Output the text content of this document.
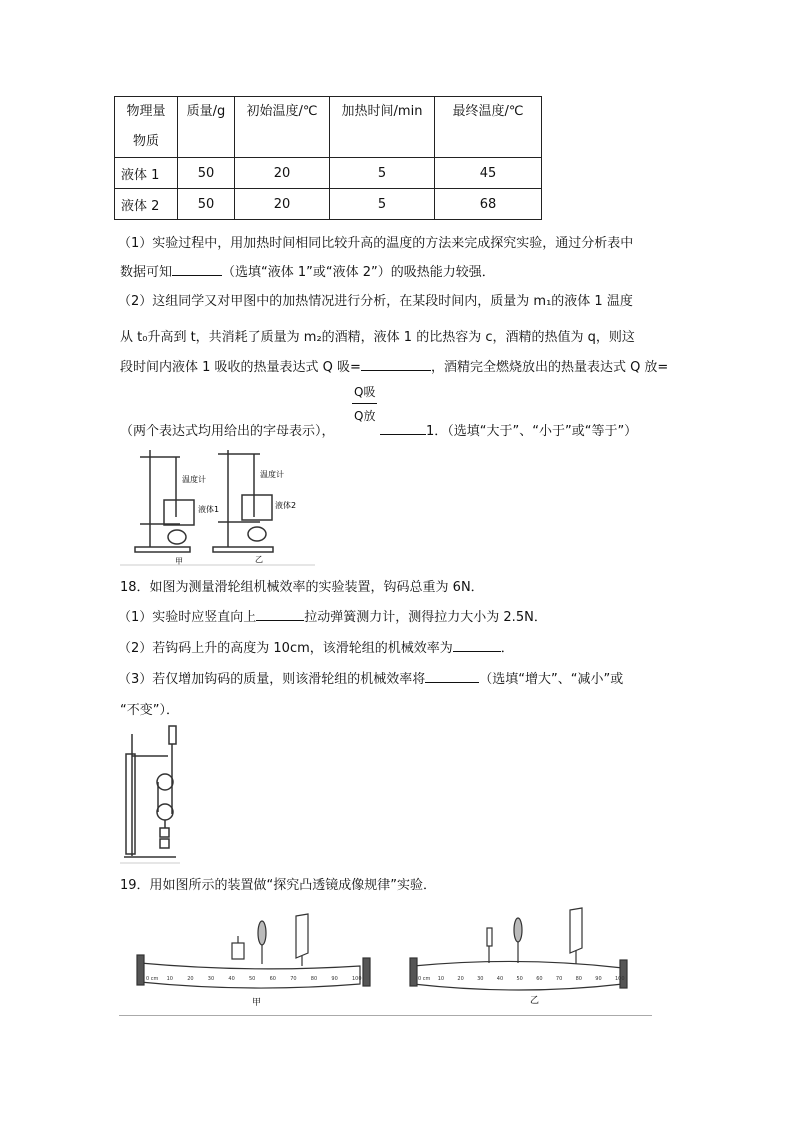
物理量
物质	质量/g	初始温度/℃	加热时间/min	最终温度/℃
液体 1	50	20	5	45
液体 2	50	20	5	68
（1）实验过程中，用加热时间相同比较升高的温度的方法来完成探究实验，通过分析表中
数据可知	（选填“液体 1”或“液体 2”）的吸热能力较强．
（2）这组同学又对甲图中的加热情况进行分析，在某段时间内，质量为 m₁的液体 1 温度
从 t₀升高到 t，共消耗了质量为 m₂的酒精，液体 1 的比热容为 c，酒精的热值为 q，则这
段时间内液体 1 吸收的热量表达式 Q 吸=	，酒精完全燃烧放出的热量表达式 Q 放=
Q吸
Q放
（两个表达式均用给出的字母表示），	1．（选填“大于”、“小于”或“等于”）
温度计
液体1
温度计
液体2
甲	乙
18．如图为测量滑轮组机械效率的实验装置，钩码总重为 6N．
（1）实验时应竖直向上	拉动弹簧测力计，测得拉力大小为 2.5N．
（2）若钩码上升的高度为 10cm，该滑轮组的机械效率为	．
（3）若仅增加钩码的质量，则该滑轮组的机械效率将	（选填“增大”、“减小”或
“不变”）．
19．用如图所示的装置做“探究凸透镜成像规律”实验．
0 cm 10	20	30	40	50	60	70	80	90	100	0 cm 10	20	30	40	50	60	70	80	90	100
甲	乙
